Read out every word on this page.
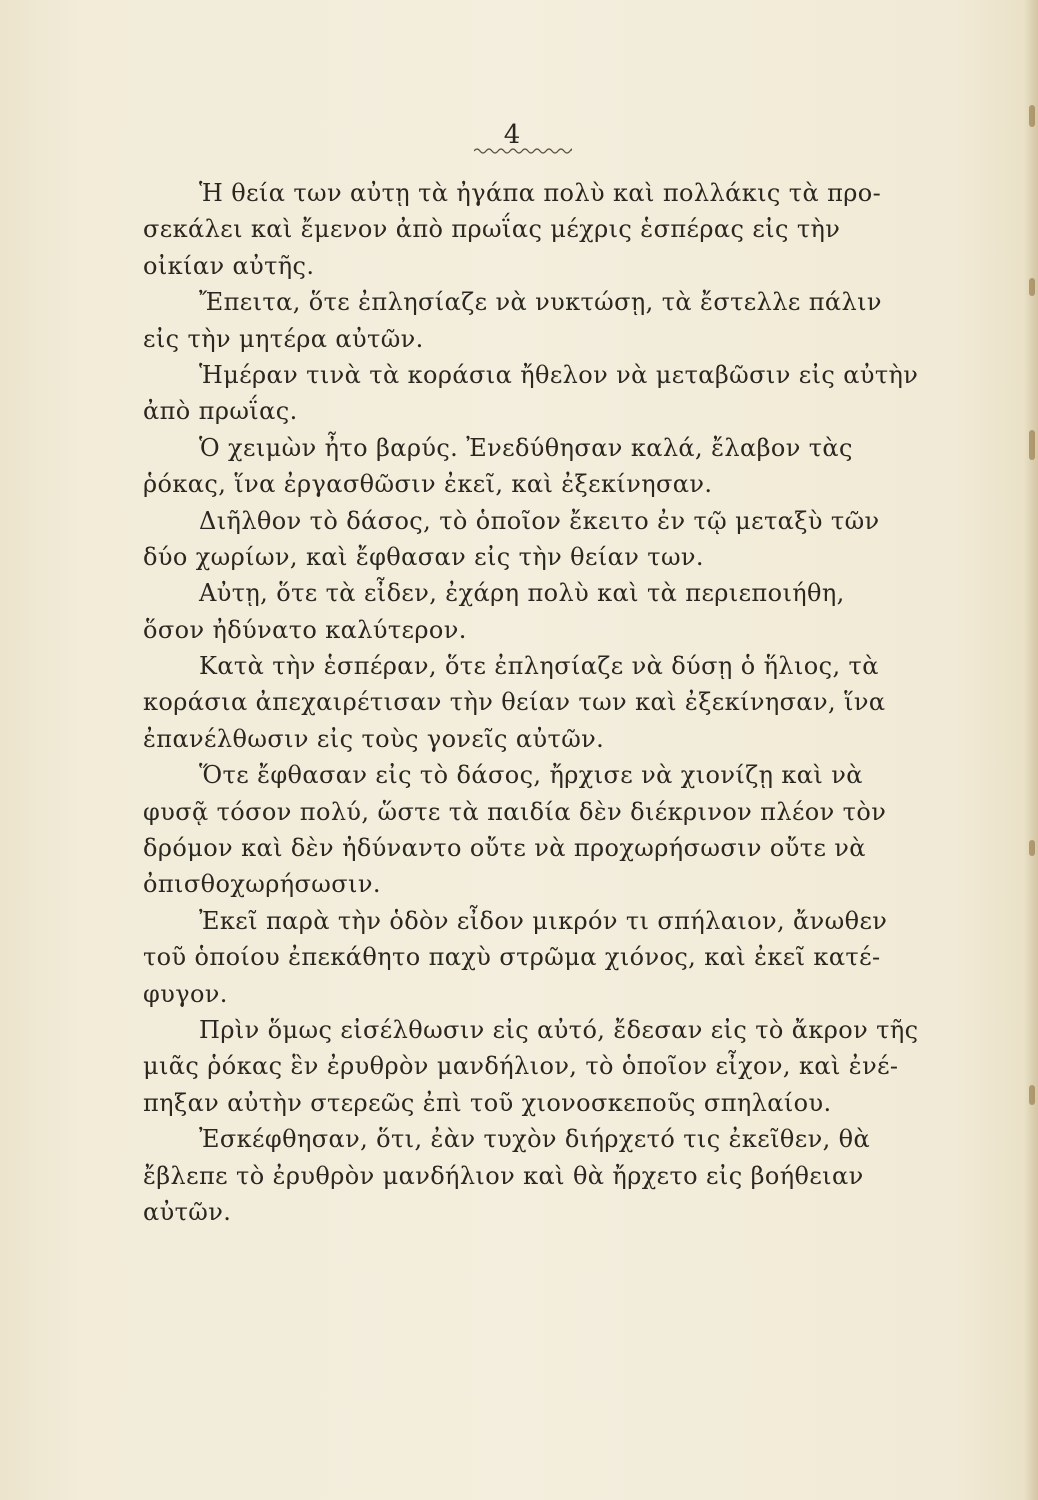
4
Ἡ θεία των αὐτῃ τὰ ἠγάπα πολὺ καὶ πολλάκις τὰ προ-
σεκάλει καὶ ἔμενον ἀπὸ πρωΐας μέχρις ἑσπέρας εἰς τὴν
οἰκίαν αὐτῆς.
Ἔπειτα, ὅτε ἐπλησίαζε νὰ νυκτώσῃ, τὰ ἔστελλε πάλιν
εἰς τὴν μητέρα αὐτῶν.
Ἡμέραν τινὰ τὰ κοράσια ἤθελον νὰ μεταβῶσιν εἰς αὐτὴν
ἀπὸ πρωΐας.
Ὁ χειμὼν ἦτο βαρύς. Ἐνεδύθησαν καλά, ἔλαβον τὰς
ῥόκας, ἵνα ἐργασθῶσιν ἐκεῖ, καὶ ἐξεκίνησαν.
Διῆλθον τὸ δάσος, τὸ ὁποῖον ἔκειτο ἐν τῷ μεταξὺ τῶν
δύο χωρίων, καὶ ἔφθασαν εἰς τὴν θείαν των.
Αὐτῃ, ὅτε τὰ εἶδεν, ἐχάρη πολὺ καὶ τὰ περιεποιήθη,
ὅσον ἠδύνατο καλύτερον.
Κατὰ τὴν ἑσπέραν, ὅτε ἐπλησίαζε νὰ δύσῃ ὁ ἥλιος, τὰ
κοράσια ἀπεχαιρέτισαν τὴν θείαν των καὶ ἐξεκίνησαν, ἵνα
ἐπανέλθωσιν εἰς τοὺς γονεῖς αὐτῶν.
Ὅτε ἔφθασαν εἰς τὸ δάσος, ἤρχισε νὰ χιονίζῃ καὶ νὰ
φυσᾷ τόσον πολύ, ὥστε τὰ παιδία δὲν διέκρινον πλέον τὸν
δρόμον καὶ δὲν ἠδύναντο οὔτε νὰ προχωρήσωσιν οὔτε νὰ
ὀπισθοχωρήσωσιν.
Ἐκεῖ παρὰ τὴν ὁδὸν εἶδον μικρόν τι σπήλαιον, ἄνωθεν
τοῦ ὁποίου ἐπεκάθητο παχὺ στρῶμα χιόνος, καὶ ἐκεῖ κατέ-
φυγον.
Πρὶν ὅμως εἰσέλθωσιν εἰς αὐτό, ἔδεσαν εἰς τὸ ἄκρον τῆς
μιᾶς ῥόκας ἓν ἐρυθρὸν μανδήλιον, τὸ ὁποῖον εἶχον, καὶ ἐνέ-
πηξαν αὐτὴν στερεῶς ἐπὶ τοῦ χιονοσκεποῦς σπηλαίου.
Ἐσκέφθησαν, ὅτι, ἐὰν τυχὸν διήρχετό τις ἐκεῖθεν, θὰ
ἔβλεπε τὸ ἐρυθρὸν μανδήλιον καὶ θὰ ἤρχετο εἰς βοήθειαν
αὐτῶν.
